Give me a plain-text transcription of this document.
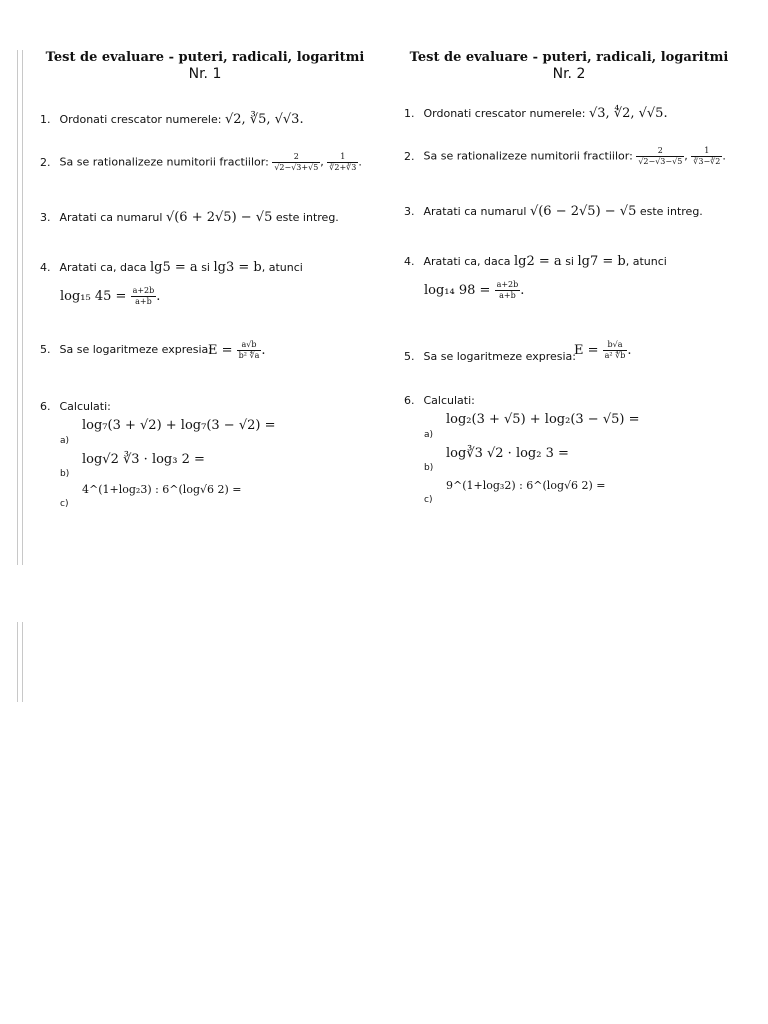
Test de evaluare - puteri, radicali, logaritmi
Nr. 1
1. Ordonati crescator numerele: √2, ∛5, √√3.
2. Sa se rationalizeze numitorii fractiilor: $\frac{2}{√2-√3+√5}$ , $\frac{1}{∛2+∛3}$ .
3. Aratati ca numarul √(6 + 2√5) − √5 este intreg.
4. Aratati ca, daca lg5 = a si lg3 = b, atunci
log₁₅ $45 = \frac{a+2b}{a+b}$ .
5. Sa se logaritmeze expresia:
$E = \frac{a√b}{\text{b² ∜a}}$ .
6. Calculati:
log₇(3 + √2) + log₇(3 − √2) =
a)
log√2 ∛3 · log₃ 2 =
b)
4^(1+log₂3) : 6^(log√6 2) =
c)
Test de evaluare - puteri, radicali, logaritmi
Nr. 2
1. Ordonati crescator numerele: √3, ∜2, √√5.
2. Sa se rationalizeze numitorii fractiilor: $\frac{2}{√2-√3-√5}$ , $\frac{1}{∛3-∛2}$ .
3. Aratati ca numarul √(6 − 2√5) − √5 este intreg.
4. Aratati ca, daca lg2 = a si lg7 = b, atunci
log₁₄ $98 = \frac{a+2b}{a+b}$ .
5. Sa se logaritmeze expresia:
$E = \frac{b√a}{\text{a² ∜b}}$ .
6. Calculati:
log₂(3 + √5) + log₂(3 − √5) =
a)
log∛3 √2 · log₂ 3 =
b)
9^(1+log₃2) : 6^(log√6 2) =
c)
